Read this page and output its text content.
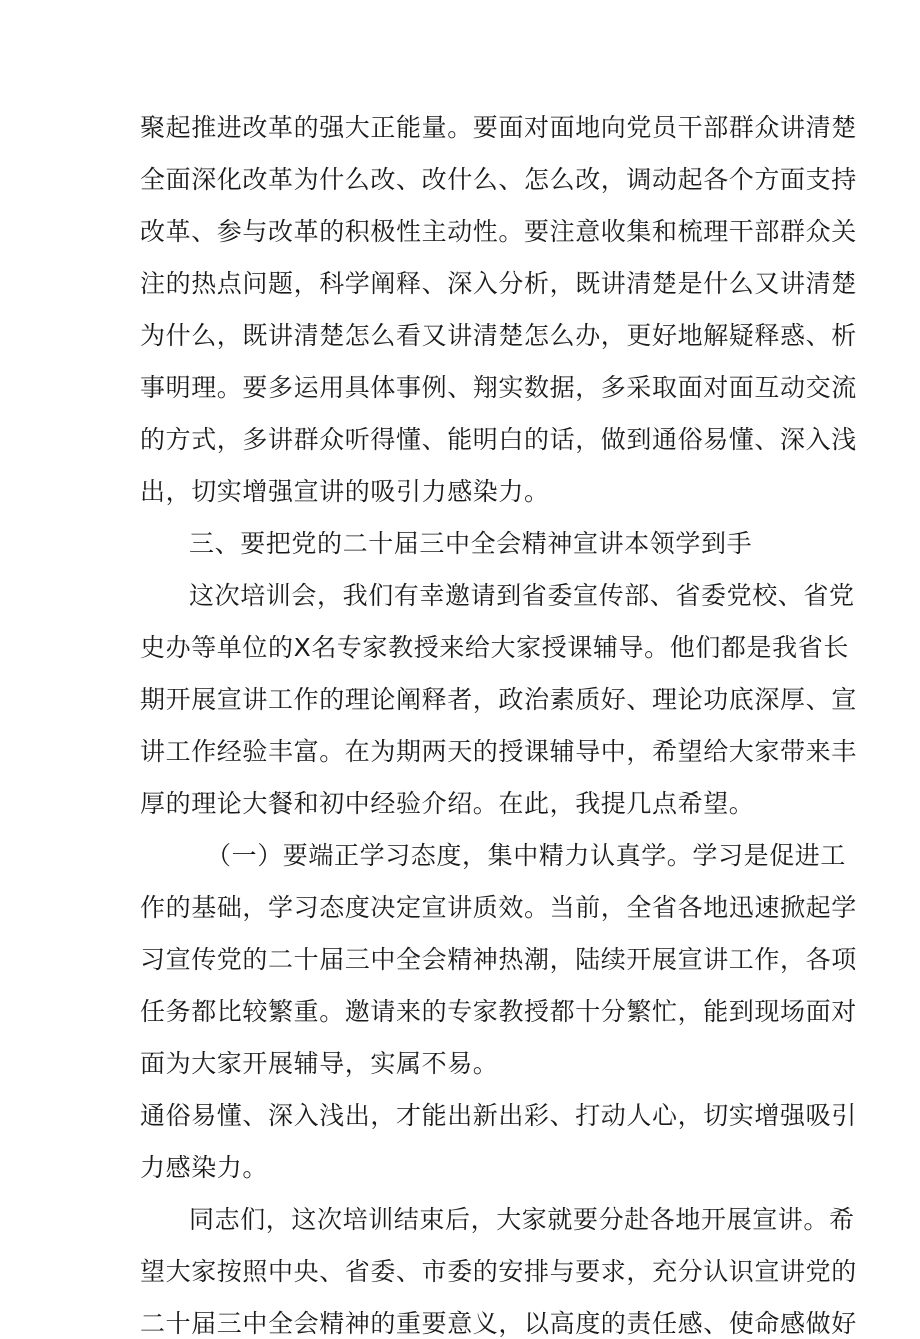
聚起推进改革的强大正能量。要面对面地向党员干部群众讲清楚
全面深化改革为什么改、改什么、怎么改，调动起各个方面支持
改革、参与改革的积极性主动性。要注意收集和梳理干部群众关
注的热点问题，科学阐释、深入分析，既讲清楚是什么又讲清楚
为什么，既讲清楚怎么看又讲清楚怎么办，更好地解疑释惑、析
事明理。要多运用具体事例、翔实数据，多采取面对面互动交流
的方式，多讲群众听得懂、能明白的话，做到通俗易懂、深入浅
出，切实增强宣讲的吸引力感染力。
三、要把党的二十届三中全会精神宣讲本领学到手
这次培训会，我们有幸邀请到省委宣传部、省委党校、省党
史办等单位的X名专家教授来给大家授课辅导。他们都是我省长
期开展宣讲工作的理论阐释者，政治素质好、理论功底深厚、宣
讲工作经验丰富。在为期两天的授课辅导中，希望给大家带来丰
厚的理论大餐和初中经验介绍。在此，我提几点希望。
（一）要端正学习态度，集中精力认真学。学习是促进工
作的基础，学习态度决定宣讲质效。当前，全省各地迅速掀起学
习宣传党的二十届三中全会精神热潮，陆续开展宣讲工作，各项
任务都比较繁重。邀请来的专家教授都十分繁忙，能到现场面对
面为大家开展辅导，实属不易。
通俗易懂、深入浅出，才能出新出彩、打动人心，切实增强吸引
力感染力。
同志们，这次培训结束后，大家就要分赴各地开展宣讲。希
望大家按照中央、省委、市委的安排与要求，充分认识宣讲党的
二十届三中全会精神的重要意义，以高度的责任感、使命感做好
